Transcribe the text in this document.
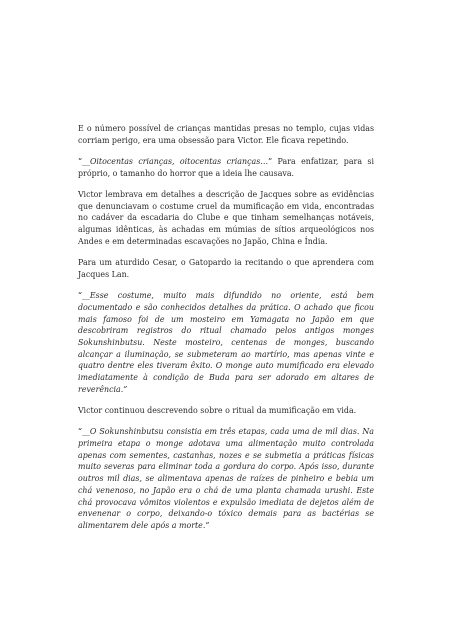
E o número possível de crianças mantidas presas no templo, cujas vidas corriam perigo, era uma obsessão para Victor. Ele ficava repetindo.

“__Oitocentas crianças, oitocentas crianças…” Para enfatizar, para si próprio, o tamanho do horror que a ideia lhe causava.

Victor lembrava em detalhes a descrição de Jacques sobre as evidências que denunciavam o costume cruel da mumificação em vida, encontradas no cadáver da escadaria do Clube e que tinham semelhanças notáveis, algumas idênticas, às achadas em múmias de sítios arqueológicos nos Andes e em determinadas escavações no Japão, China e Índia.

Para um aturdido Cesar, o Gatopardo ia recitando o que aprendera com Jacques Lan.

“__Esse costume, muito mais difundido no oriente, está bem documentado e são conhecidos detalhes da prática. O achado que ficou mais famoso foi de um mosteiro em Yamagata no Japão em que descobriram registros do ritual chamado pelos antigos monges Sokunshinbutsu. Neste mosteiro, centenas de monges, buscando alcançar a iluminação, se submeteram ao martírio, mas apenas vinte e quatro dentre eles tiveram êxito. O monge auto mumificado era elevado imediatamente à condição de Buda para ser adorado em altares de reverência.”

Victor continuou descrevendo sobre o ritual da mumificação em vida.

“__O Sokunshinbutsu consistia em três etapas, cada uma de mil dias. Na primeira etapa o monge adotava uma alimentação muito controlada apenas com sementes, castanhas, nozes e se submetia a práticas físicas muito severas para eliminar toda a gordura do corpo. Após isso, durante outros mil dias, se alimentava apenas de raízes de pinheiro e bebia um chá venenoso, no Japão era o chá de uma planta chamada urushi. Este chá provocava vômitos violentos e expulsão imediata de dejetos além de envenenar o corpo, deixando-o tóxico demais para as bactérias se alimentarem dele após a morte.”
